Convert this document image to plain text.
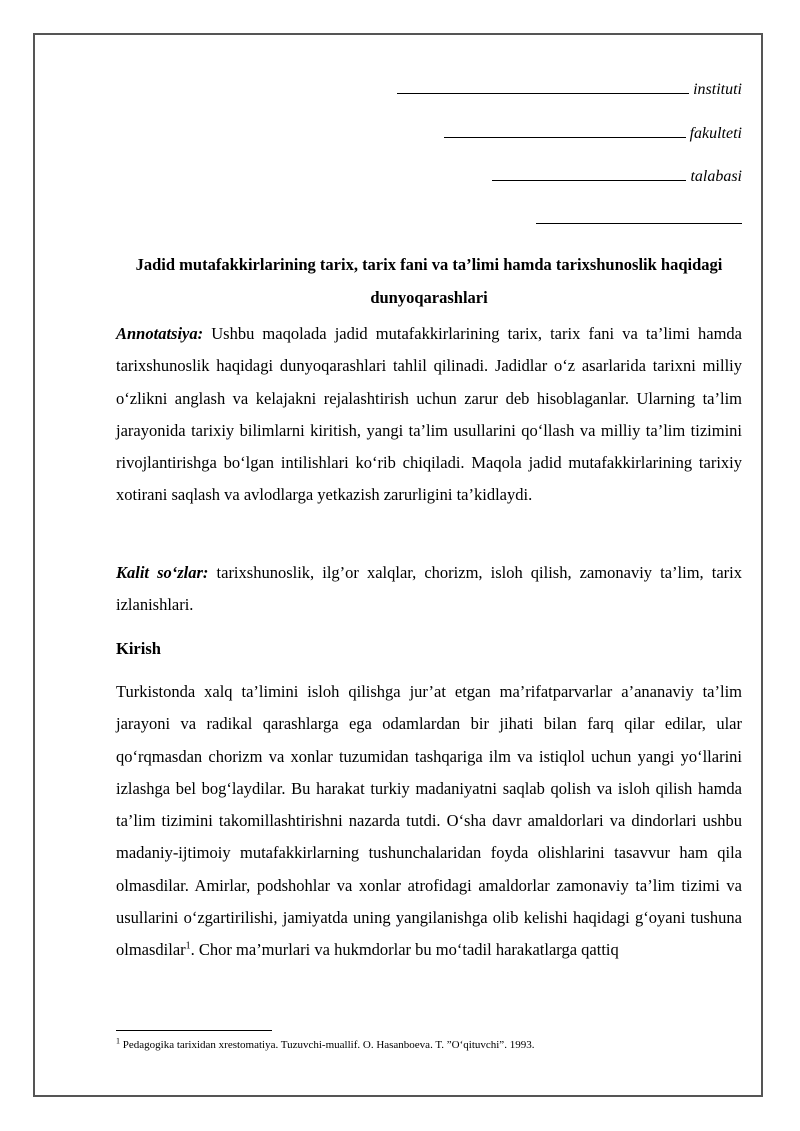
instituti
fakulteti
talabasi
Jadid mutafakkirlarining tarix, tarix fani va ta’limi hamda tarixshunoslik haqidagi dunyoqarashlari
Annotatsiya: Ushbu maqolada jadid mutafakkirlarining tarix, tarix fani va ta’limi hamda tarixshunoslik haqidagi dunyoqarashlari tahlil qilinadi. Jadidlar o‘z asarlarida tarixni milliy o‘zlikni anglash va kelajakni rejalashtirish uchun zarur deb hisoblaganlar. Ularning ta’lim jarayonida tarixiy bilimlarni kiritish, yangi ta’lim usullarini qo‘llash va milliy ta’lim tizimini rivojlantirishga bo‘lgan intilishlari ko‘rib chiqiladi. Maqola jadid mutafakkirlarining tarixiy xotirani saqlash va avlodlarga yetkazish zarurligini ta’kidlaydi.
Kalit so‘zlar: tarixshunoslik, ilg’or xalqlar, chorizm, isloh qilish, zamonaviy ta’lim, tarix izlanishlari.
Kirish
Turkistonda xalq ta’limini isloh qilishga jur’at etgan ma’rifatparvarlar a’ananaviy ta’lim jarayoni va radikal qarashlarga ega odamlardan bir jihati bilan farq qilar edilar, ular qo‘rqmasdan chorizm va xonlar tuzumidan tashqariga ilm va istiqlol uchun yangi yo‘llarini izlashga bel bog‘laydilar. Bu harakat turkiy madaniyatni saqlab qolish va isloh qilish hamda ta’lim tizimini takomillashtirishni nazarda tutdi. O‘sha davr amaldorlari va dindorlari ushbu madaniy-ijtimoiy mutafakkirlarning tushunchalaridan foyda olishlarini tasavvur ham qila olmasdilar. Amirlar, podshohlar va xonlar atrofidagi amaldorlar zamonaviy ta’lim tizimi va usullarini o‘zgartirilishi, jamiyatda uning yangilanishga olib kelishi haqidagi g‘oyani tushuna olmasdilar$^1$. Chor ma’murlari va hukmdorlar bu mo‘tadil harakatlarga qattiq
$^1$ Pedagogika tarixidan xrestomatiya. Tuzuvchi-muallif. O. Hasanboeva. T. ”O‘qituvchi”. 1993.
